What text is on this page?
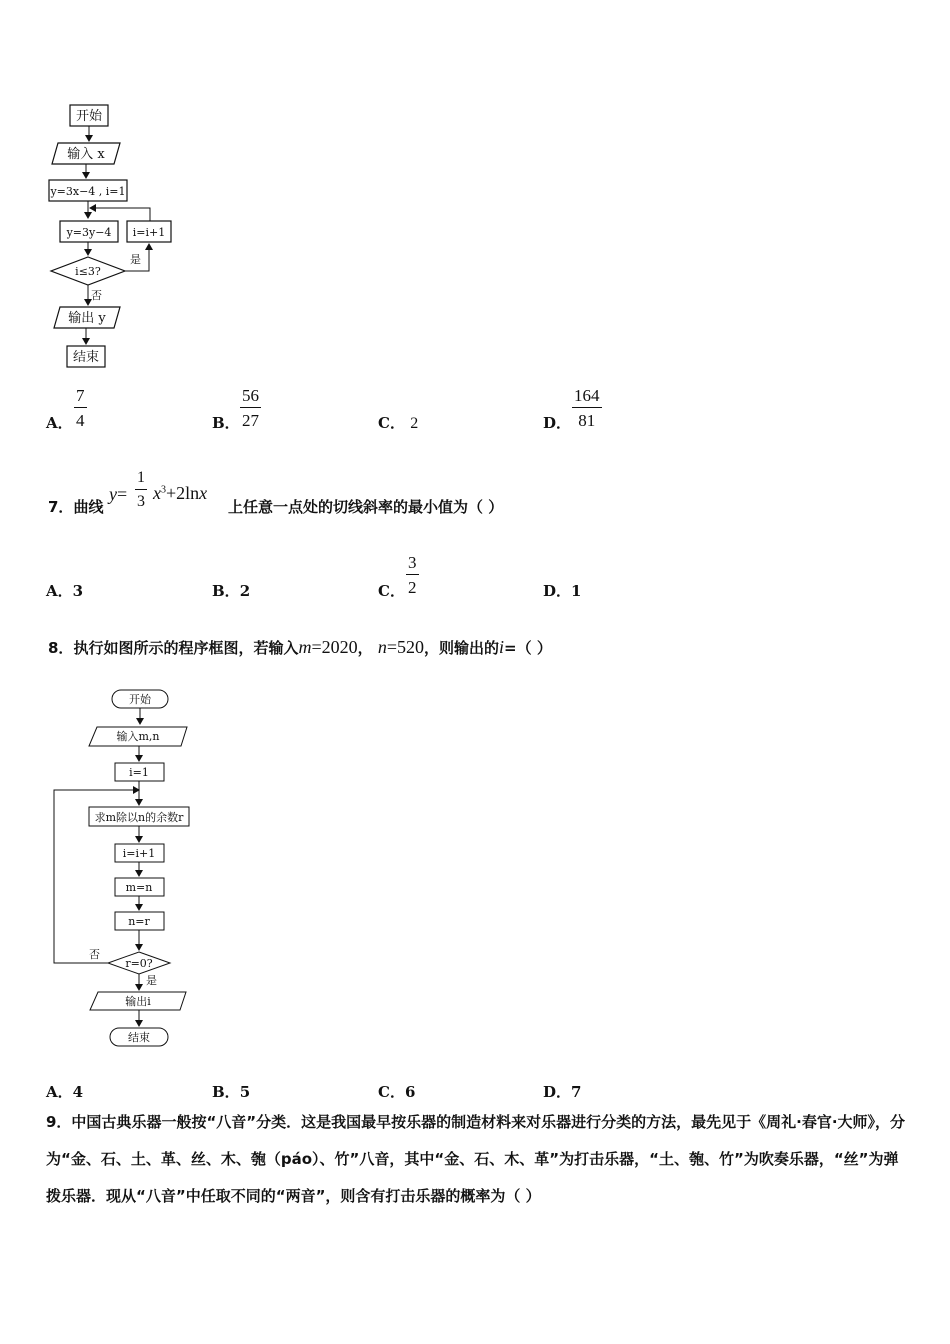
开始
输入 x
y=3x−4 , i=1
y=3y−4 i=i+1
i≤3?
是
否
输出 y
结束
A． $\frac{7}{4}$	B． $\frac{56}{27}$	C． 2	D． $\frac{164}{81}$
7．曲线
$y= \frac{1}{3} x^3+2\ln x$
上任意一点处的切线斜率的最小值为（ ）
A．3	B．2	C． $\frac{3}{2}$	D．1
8．执行如图所示的程序框图，若输入m=2020， n=520，则输出的i=（ ）
开始
输入m,n
i=1
求m除以n的余数r
i=i+1
m=n
n=r
r=0?
否
是
输出i
结束
A．4	B．5	C．6	D．7
9．中国古典乐器一般按“八音”分类．这是我国最早按乐器的制造材料来对乐器进行分类的方法，最先见于《周礼·春官·大师》，分为“金、石、土、革、丝、木、匏（páo）、竹”八音，其中“金、石、木、革”为打击乐器，“土、匏、竹”为吹奏乐器，“丝”为弹拨乐器．现从“八音”中任取不同的“两音”，则含有打击乐器的概率为（ ）
